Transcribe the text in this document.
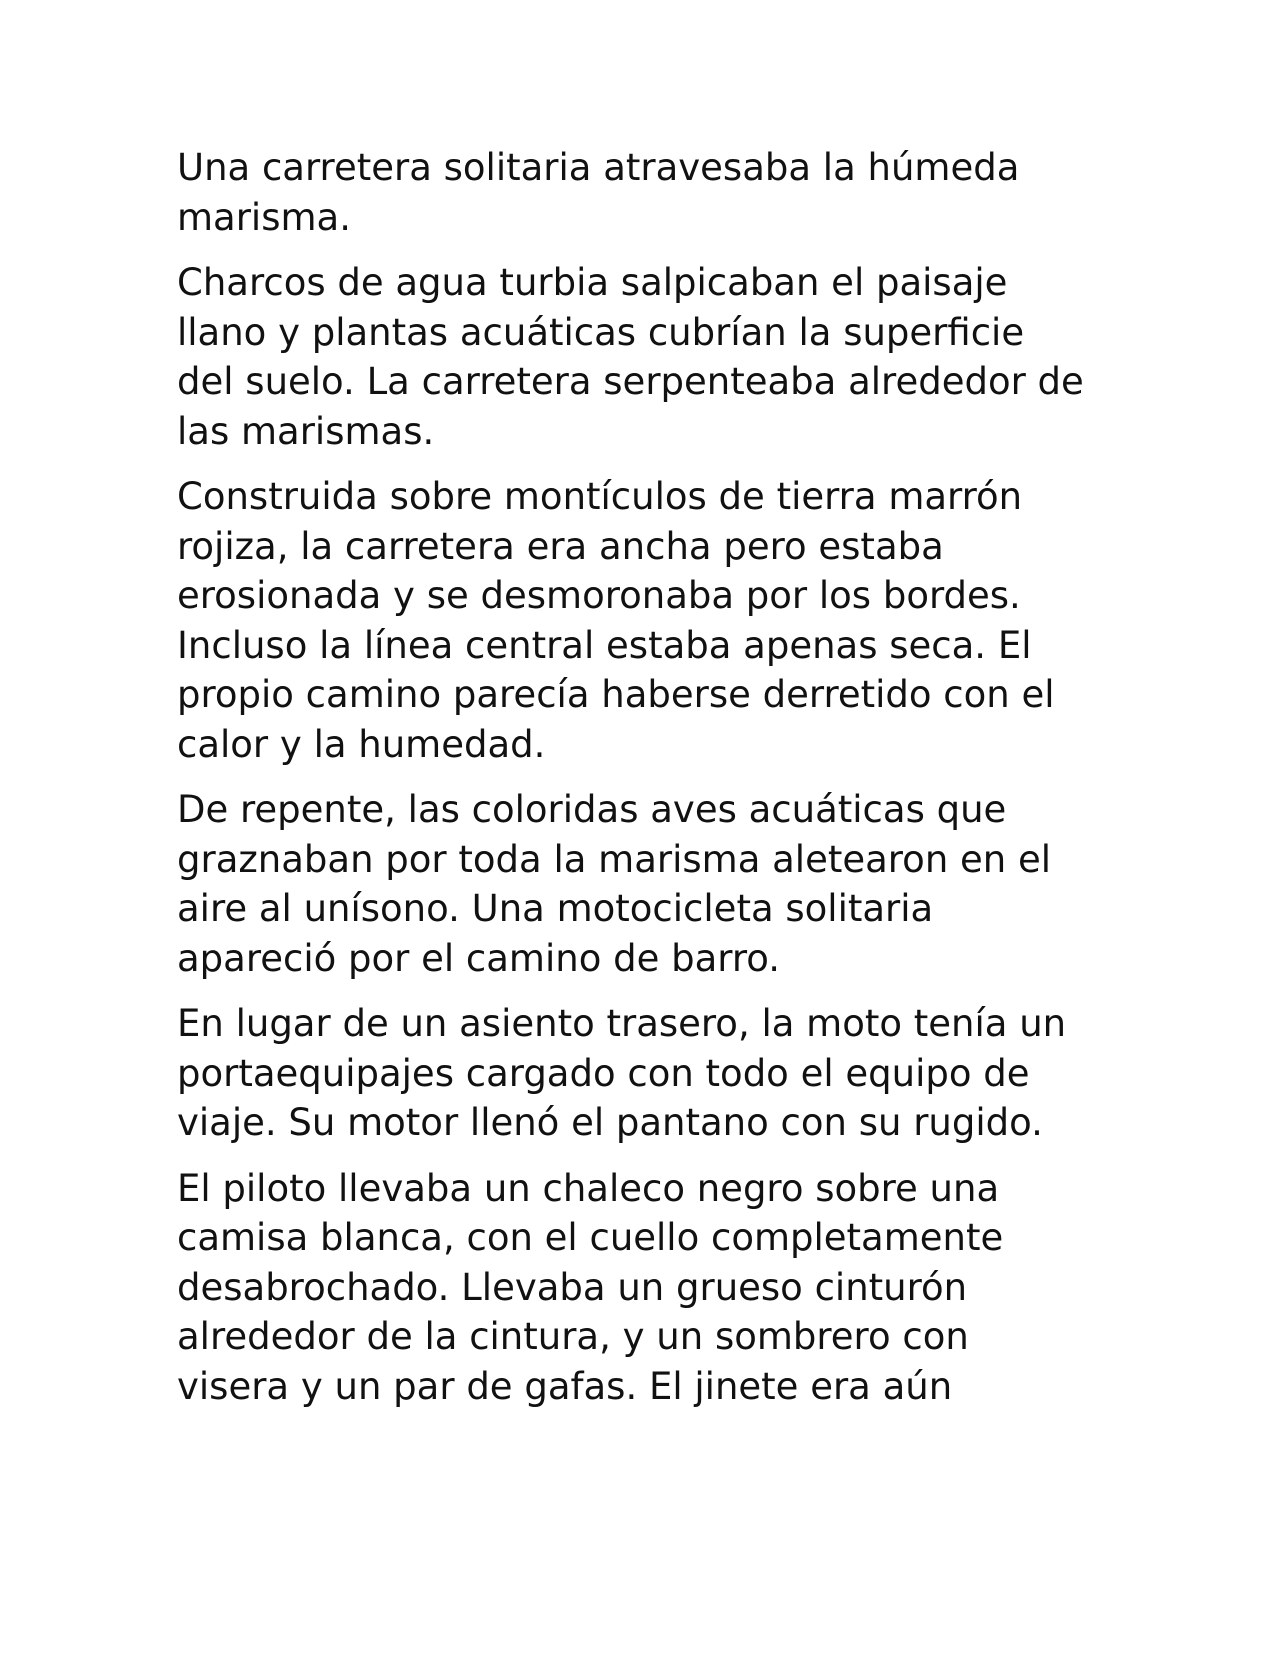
Una carretera solitaria atravesaba la húmeda
marisma.

Charcos de agua turbia salpicaban el paisaje
llano y plantas acuáticas cubrían la superficie
del suelo. La carretera serpenteaba alrededor de
las marismas.

Construida sobre montículos de tierra marrón
rojiza, la carretera era ancha pero estaba
erosionada y se desmoronaba por los bordes.
Incluso la línea central estaba apenas seca. El
propio camino parecía haberse derretido con el
calor y la humedad.

De repente, las coloridas aves acuáticas que
graznaban por toda la marisma aletearon en el
aire al unísono. Una motocicleta solitaria
apareció por el camino de barro.

En lugar de un asiento trasero, la moto tenía un
portaequipajes cargado con todo el equipo de
viaje. Su motor llenó el pantano con su rugido.

El piloto llevaba un chaleco negro sobre una
camisa blanca, con el cuello completamente
desabrochado. Llevaba un grueso cinturón
alrededor de la cintura, y un sombrero con
visera y un par de gafas. El jinete era aún
